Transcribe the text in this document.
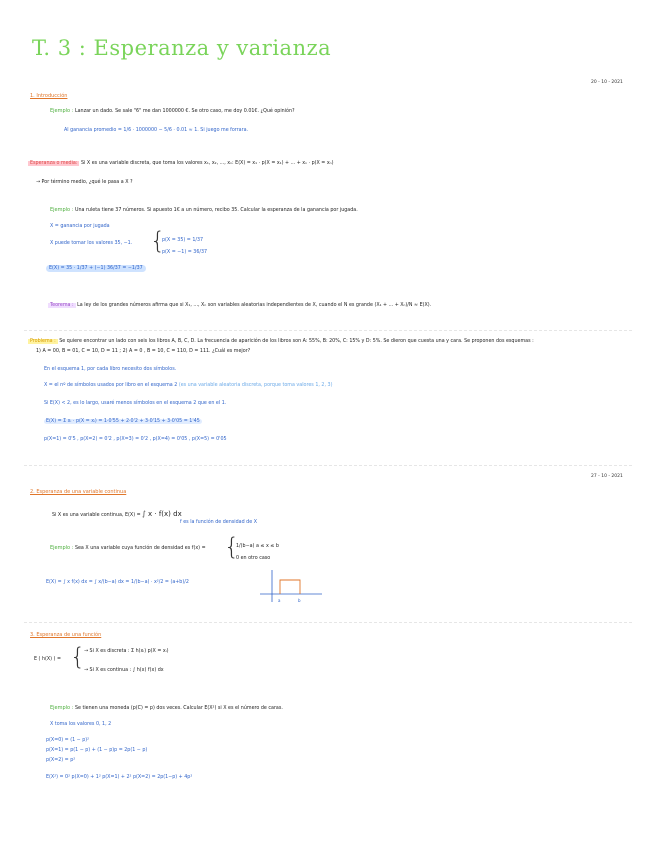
T. 3 : Esperanza y varianza
20 - 10 - 2021
1. Introducción
Ejemplo : Lanzar un dado. Se sale "6" me dan 1000000 €. Se otro caso, me doy 0.01€. ¿Qué opinión?
Al ganancia promedio = 1/6 · 1000000 − 5/6 · 0.01 ≈ 1. Si juego me forrara.
Esperanza o media: Si X es una variable discreta, que toma los valores x₁, x₂, ..., xₙ: E(X) = x₁ · p(X = x₁) + ... + xₙ · p(X = xₙ)
→ Por término medio, ¿qué le pasa a X ?
Ejemplo : Una ruleta tiene 37 números. Si apuesto 1€ a un número, recibo 35. Calcular la esperanza de la ganancia por jugada.
X = ganancia por jugada
X puede tomar los valores 35, −1. {
p(X = 35) = 1/37
p(X = −1) = 36/37
E(X) = 35 · 1/37 + (−1) 36/37 = −1/37
Teorema : La ley de los grandes números afirma que si X₁, ..., Xₙ son variables aleatorias independientes de X, cuando el N es grande (X₁ + ... + Xₙ)/N ≈ E(X).
Problema : Se quiere encontrar un lado con seis los libros A, B, C, D. La frecuencia de aparición de los libros son A: 55%, B: 20%, C: 15% y D: 5%. Se dieron que cuesta una y cara. Se proponen dos esquemas :
1) A = 00, B = 01, C = 10, D = 11 ; 2) A = 0 , B = 10, C = 110, D = 111. ¿Cuál es mejor?
En el esquema 1, por cada libro necesito dos símbolos.
X = el nº de símbolos usados por libro en el esquema 2 (es una variable aleatoria discreta, porque toma valores 1, 2, 3)
Si E(X) < 2, es lo largo, usaré menos símbolos en el esquema 2 que en el 1.
E(X) = Σ xᵢ · p(X = xᵢ) = 1·0'55 + 2·0'2 + 3·0'15 + 3·0'05 = 1'45
p(X=1) = 0'5 , p(X=2) = 0'2 , p(X=3) = 0'2 , p(X=4) = 0'05 , p(X=5) = 0'05
27 - 10 - 2021
2. Esperanza de una variable continua
Si X es una variable continua, E(X) = ∫ x · f(x) dx
f es la función de densidad de X
Ejemplo : Sea X una variable cuya función de densidad es f(x) = {
1/(b−a) a ≤ x ≤ b
0 en otro caso
E(X) = ∫ x f(x) dx = ∫ x/(b−a) dx = 1/(b−a) · x²/2 = (a+b)/2
a	b
3. Esperanza de una función
E ( h(X) ) = {
→ Si X es discreta : Σ h(xᵢ) p(X = xᵢ)
→ Si X es continua : ∫ h(x) f(x) dx
Ejemplo : Se tienen una moneda (p(C) = p) dos veces. Calcular E(X²) si X es el número de caras.
X toma los valores 0, 1, 2
p(X=0) = (1 − p)²
p(X=1) = p(1 − p) + (1 − p)p = 2p(1 − p)
p(X=2) = p²
E(X²) = 0² p(X=0) + 1² p(X=1) + 2² p(X=2) = 2p(1−p) + 4p²
